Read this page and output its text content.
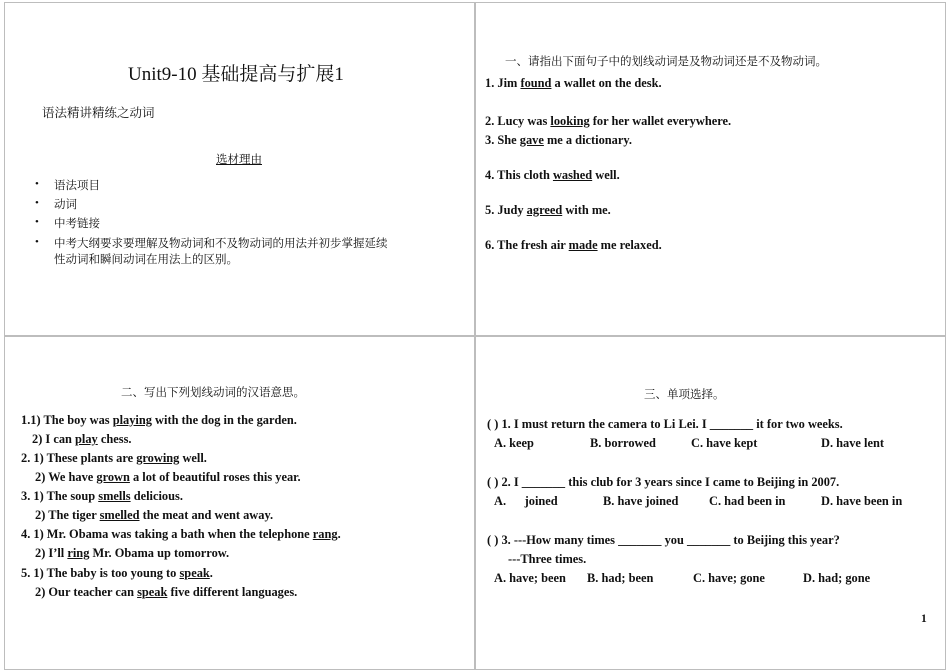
Unit9-10 基础提高与扩展1
语法精讲精练之动词
选材理由
• 语法项目
• 动词
• 中考链接
• 中考大纲要求要理解及物动词和不及物动词的用法并初步掌握延续
性动词和瞬间动词在用法上的区别。
一、请指出下面句子中的划线动词是及物动词还是不及物动词。
1. Jim found a wallet on the desk.
2. Lucy was looking for her wallet everywhere.
3. She gave me a dictionary.
4. This cloth washed well.
5. Judy agreed with me.
6. The fresh air made me relaxed.
二、写出下列划线动词的汉语意思。
1.1) The boy was playing with the dog in the garden.
2) I can play chess.
2. 1) These plants are growing well.
2) We have grown a lot of beautiful roses this year.
3. 1) The soup smells delicious.
2) The tiger smelled the meat and went away.
4. 1) Mr. Obama was taking a bath when the telephone rang.
2) I’ll ring Mr. Obama up tomorrow.
5. 1) The baby is too young to speak.
2) Our teacher can speak five different languages.
三、单项选择。
( ) 1. I must return the camera to Li Lei. I _______ it for two weeks.
A. keep	B. borrowed	C. have kept	D. have lent
( ) 2. I _______ this club for 3 years since I came to Beijing in 2007.
A.      joined	B. have joined C. had been in	D. have been in
( ) 3. ---How many times _______ you _______ to Beijing this year?
---Three times.
A. have; been B. had; been	C. have; gone	D. had; gone
1
